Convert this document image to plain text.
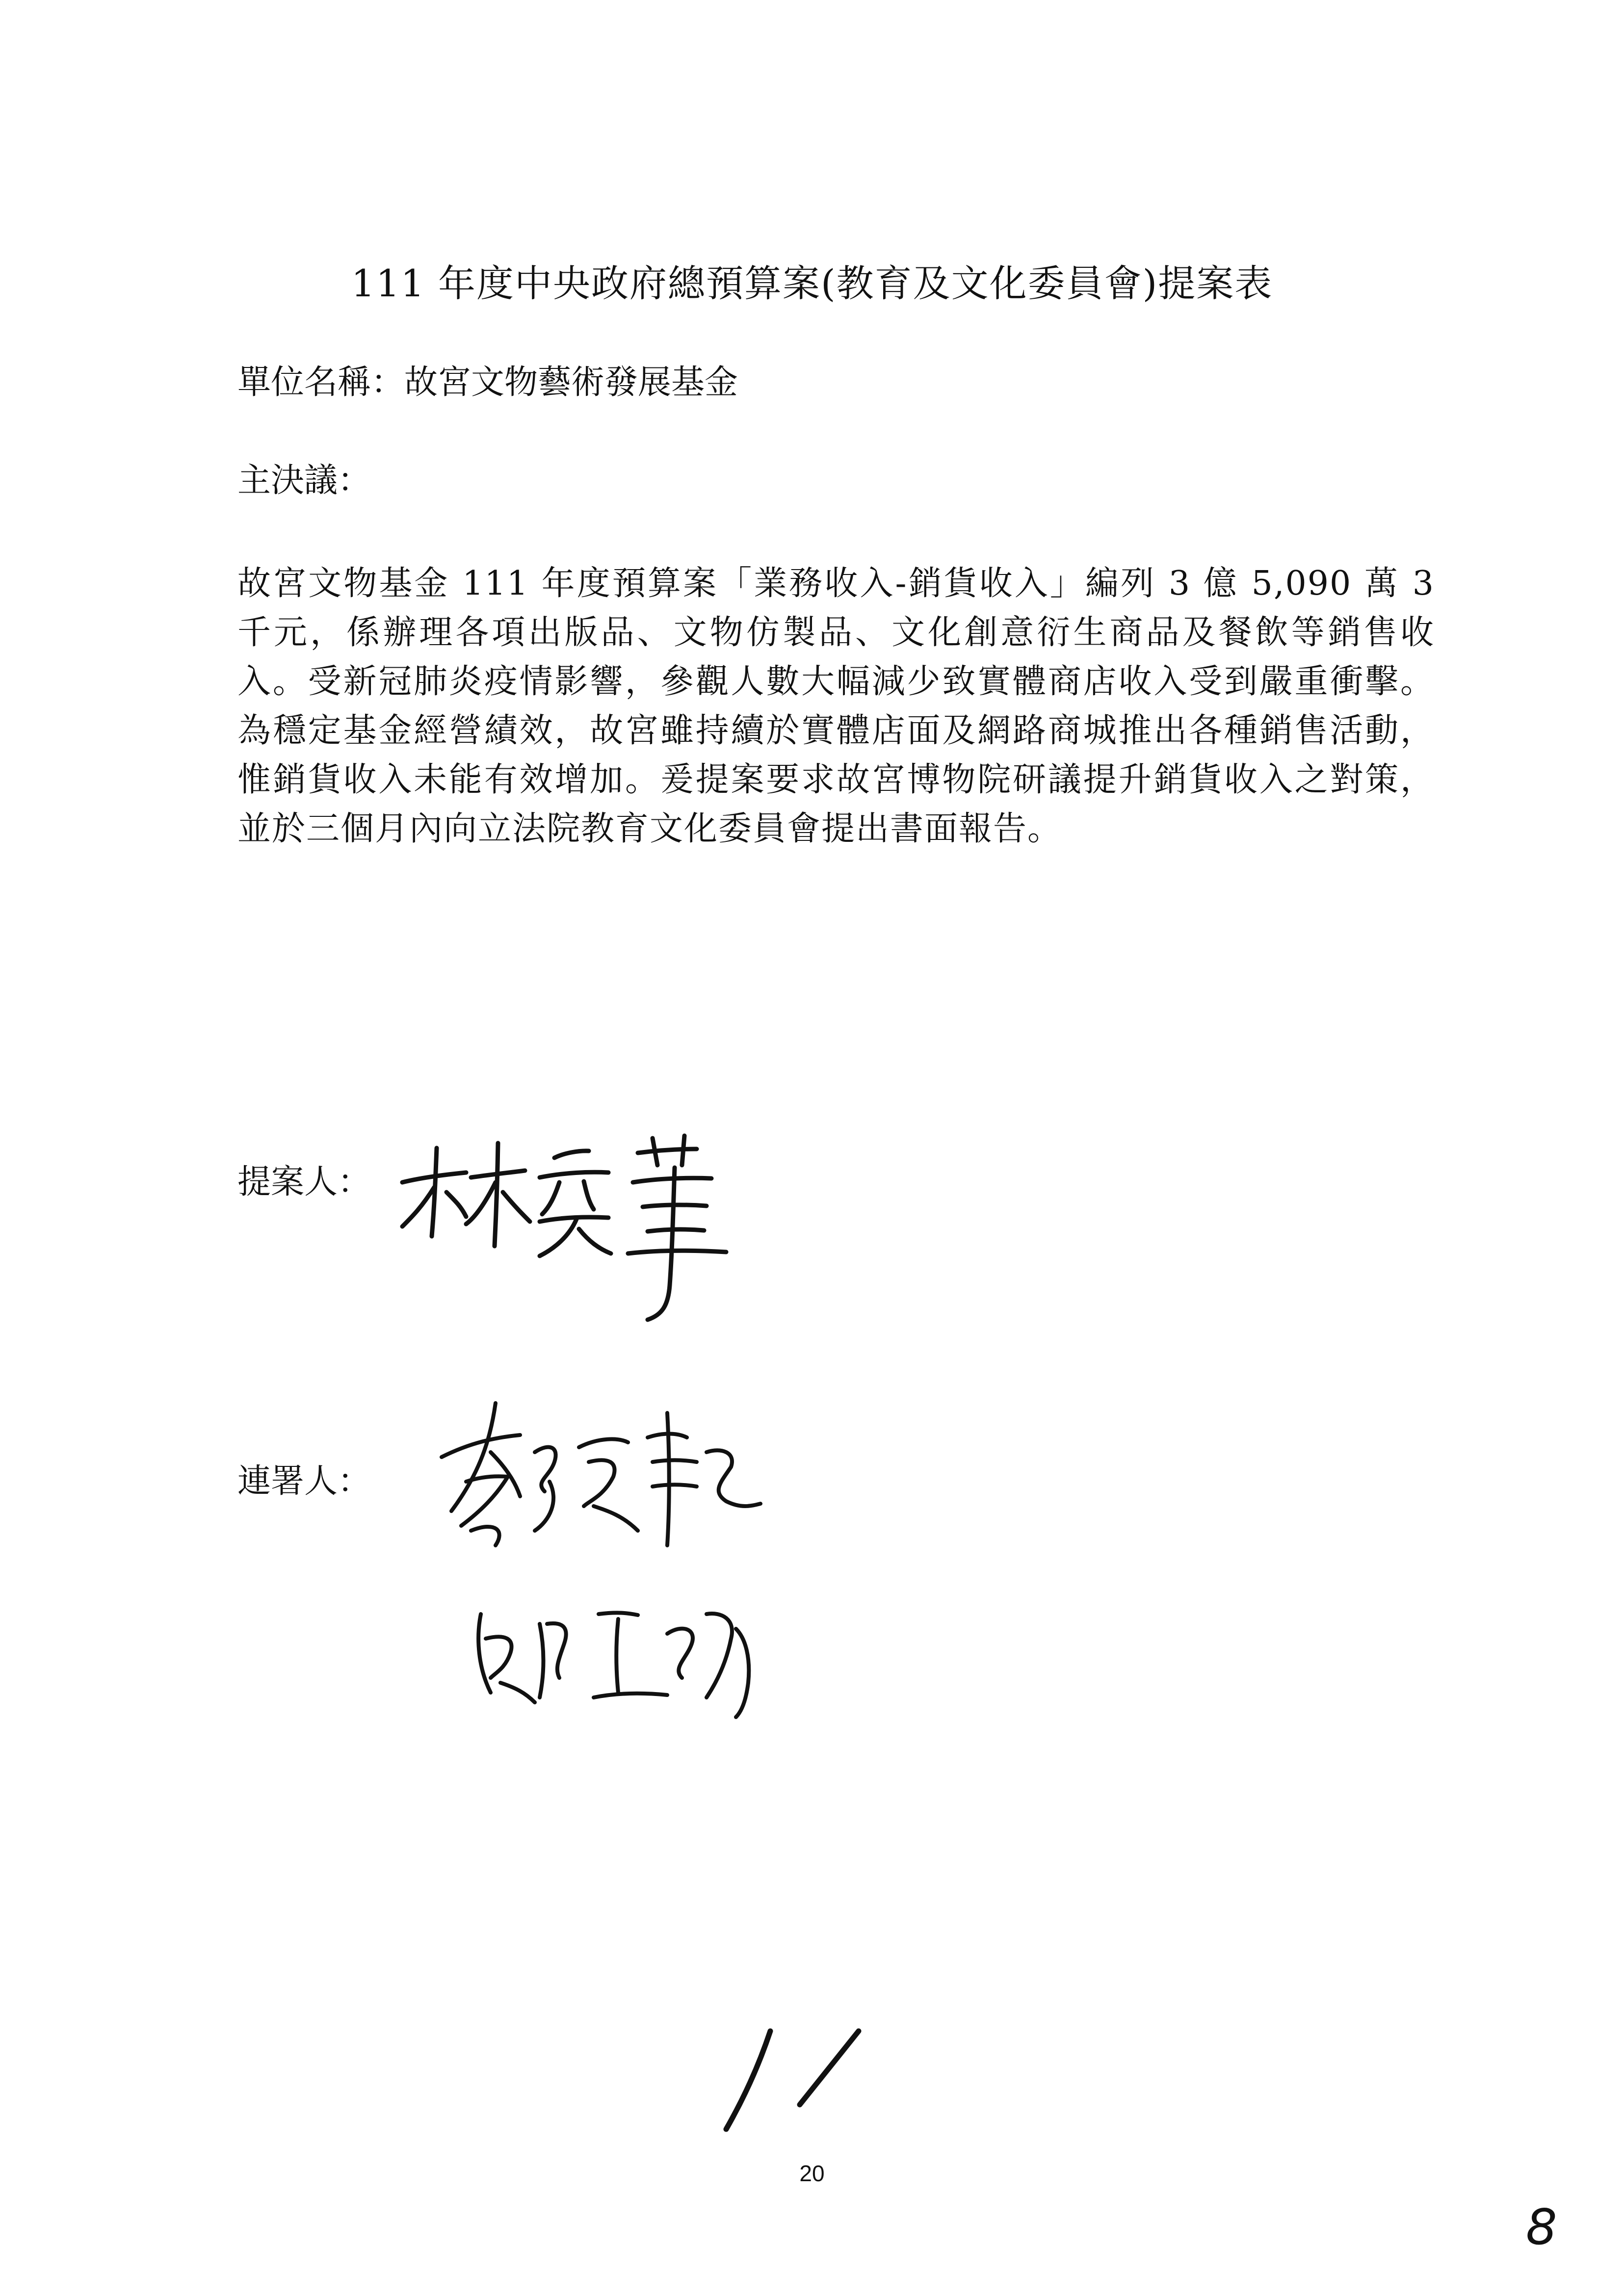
111 年度中央政府總預算案(教育及文化委員會)提案表
單位名稱：故宮文物藝術發展基金
主決議：
故宮文物基金 111 年度預算案「業務收入-銷貨收入」編列 3 億 5,090 萬 3 千元，係辦理各項出版品、文物仿製品、文化創意衍生商品及餐飲等銷售收入。受新冠肺炎疫情影響，參觀人數大幅減少致實體商店收入受到嚴重衝擊。為穩定基金經營績效，故宮雖持續於實體店面及網路商城推出各種銷售活動，惟銷貨收入未能有效增加。爰提案要求故宮博物院研議提升銷貨收入之對策，並於三個月內向立法院教育文化委員會提出書面報告。
提案人：
連署人：
20
8
